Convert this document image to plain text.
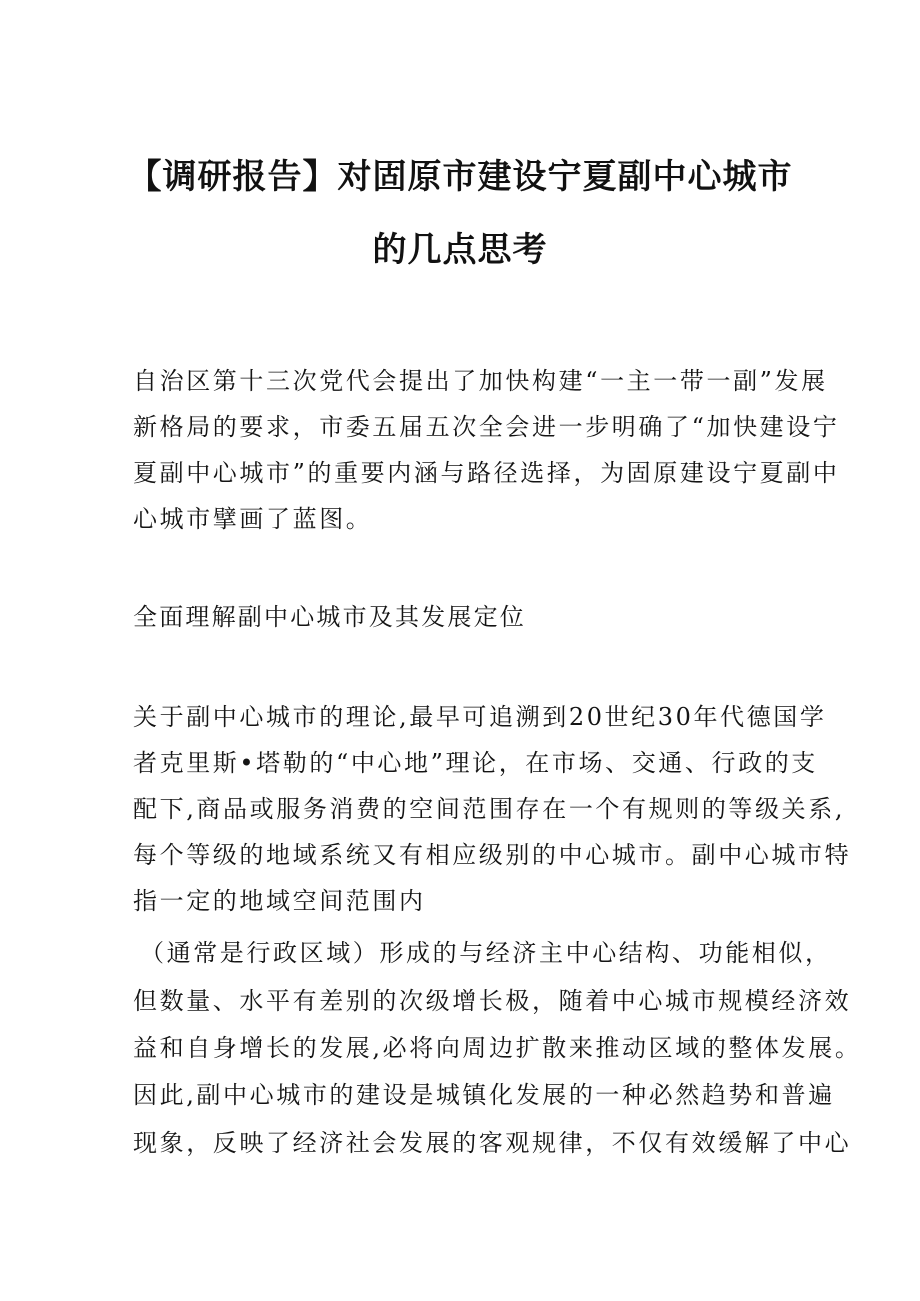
【调研报告】对固原市建设宁夏副中心城市
的几点思考
自治区第十三次党代会提出了加快构建“一主一带一副”发展
新格局的要求，市委五届五次全会进一步明确了“加快建设宁
夏副中心城市”的重要内涵与路径选择，为固原建设宁夏副中
心城市擘画了蓝图。
全面理解副中心城市及其发展定位
关于副中心城市的理论,最早可追溯到20世纪30年代德国学
者克里斯•塔勒的“中心地”理论，在市场、交通、行政的支
配下,商品或服务消费的空间范围存在一个有规则的等级关系,
每个等级的地域系统又有相应级别的中心城市。副中心城市特
指一定的地域空间范围内
（通常是行政区域）形成的与经济主中心结构、功能相似，
但数量、水平有差别的次级增长极，随着中心城市规模经济效
益和自身增长的发展,必将向周边扩散来推动区域的整体发展。
因此,副中心城市的建设是城镇化发展的一种必然趋势和普遍
现象，反映了经济社会发展的客观规律，不仅有效缓解了中心
